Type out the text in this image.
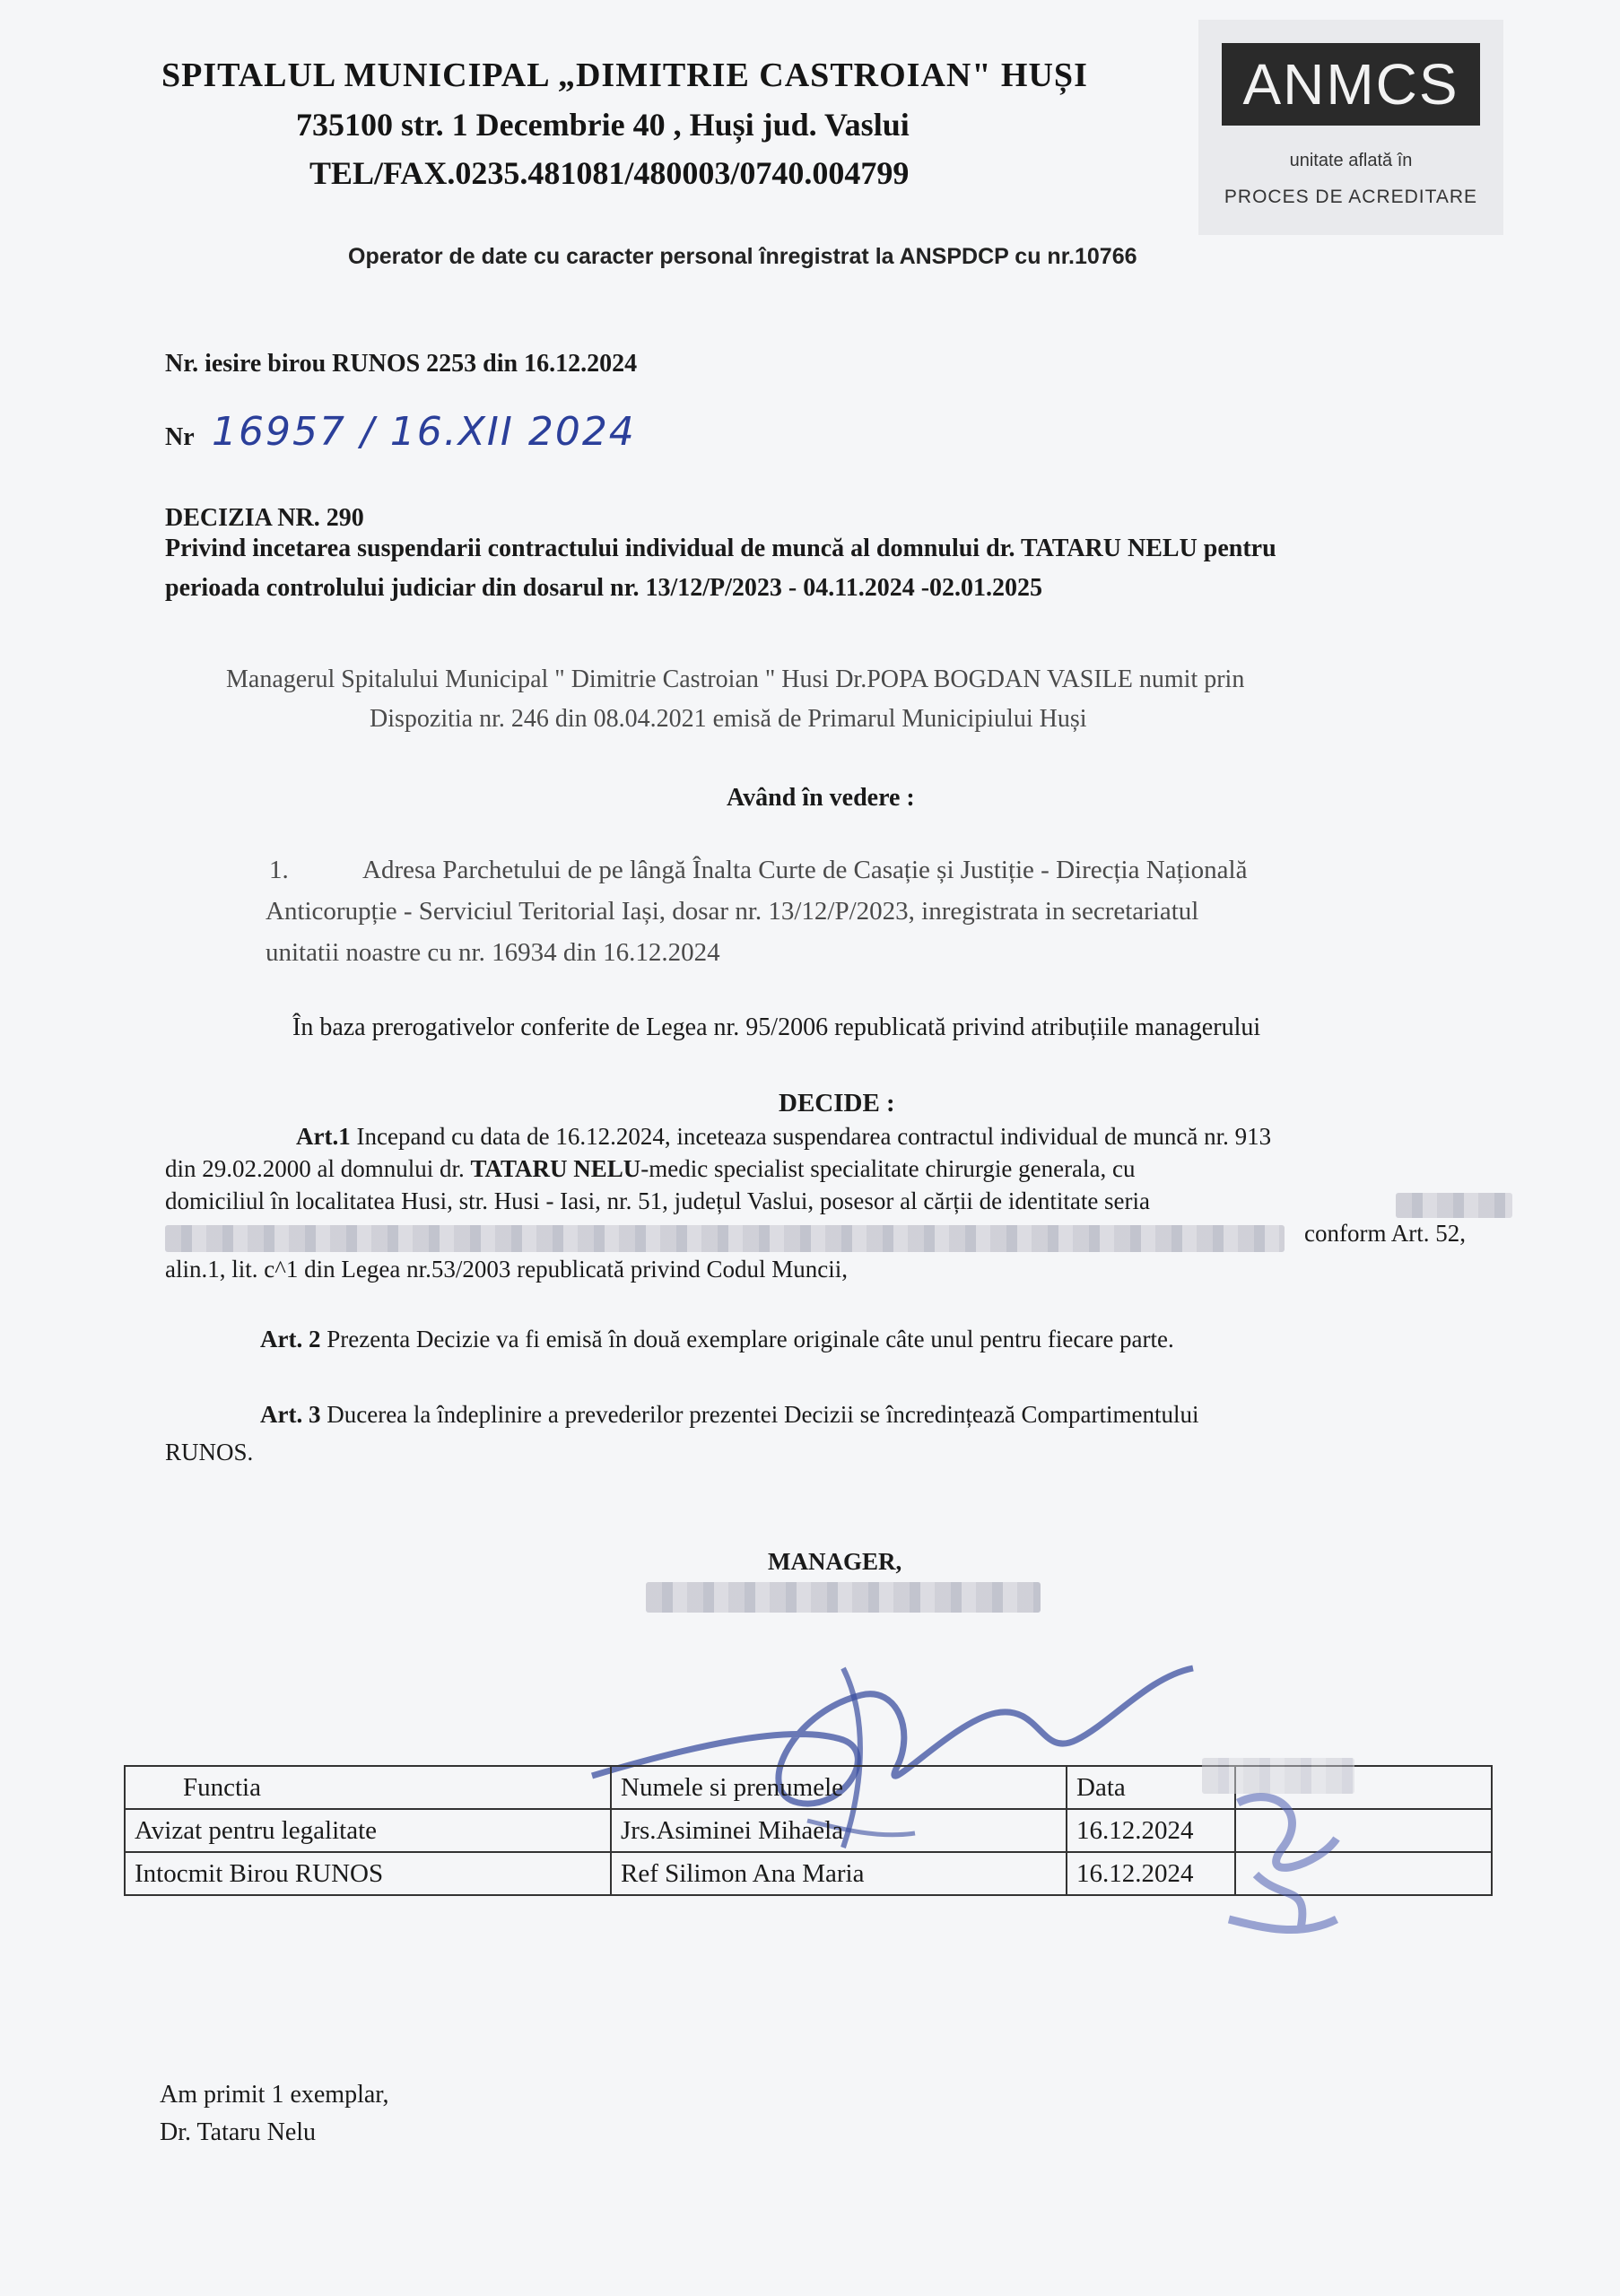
SPITALUL MUNICIPAL „DIMITRIE CASTROIAN" HUȘI
735100 str. 1 Decembrie 40 , Huși jud. Vaslui
TEL/FAX.0235.481081/480003/0740.004799
ANMCS
unitate aflată în
PROCES DE ACREDITARE
Operator de date cu caracter personal înregistrat la ANSPDCP cu nr.10766
Nr. iesire birou RUNOS 2253 din 16.12.2024
Nr 16957 / 16.XII 2024
DECIZIA NR. 290
Privind incetarea suspendarii contractului individual de muncă al domnului dr. TATARU NELU pentru
perioada controlului judiciar din dosarul nr. 13/12/P/2023 - 04.11.2024 -02.01.2025
Managerul Spitalului Municipal " Dimitrie Castroian " Husi Dr.POPA BOGDAN VASILE numit prin
Dispozitia nr. 246 din 08.04.2021 emisă de Primarul Municipiului Huși
Având în vedere :
1.	Adresa Parchetului de pe lângă Înalta Curte de Casație și Justiție - Direcția Națională
Anticorupție - Serviciul Teritorial Iași, dosar nr. 13/12/P/2023, inregistrata in secretariatul
unitatii noastre cu nr. 16934 din 16.12.2024
În baza prerogativelor conferite de Legea nr. 95/2006 republicată privind atribuțiile managerului
DECIDE :
Art.1 Incepand cu data de 16.12.2024, inceteaza suspendarea contractul individual de muncă nr. 913
din 29.02.2000 al domnului dr. TATARU NELU-medic specialist specialitate chirurgie generala, cu
domiciliul în localitatea Husi, str. Husi - Iasi, nr. 51, județul Vaslui, posesor al cărții de identitate seria
conform Art. 52,
alin.1, lit. c^1 din Legea nr.53/2003 republicată privind Codul Muncii,
Art. 2 Prezenta Decizie va fi emisă în două exemplare originale câte unul pentru fiecare parte.
Art. 3 Ducerea la îndeplinire a prevederilor prezentei Decizii se încredințează Compartimentului
RUNOS.
MANAGER,
Functia	Numele si prenumele	Data	
Avizat pentru legalitate	Jrs.Asiminei Mihaela	16.12.2024	
Intocmit Birou RUNOS	Ref Silimon Ana Maria	16.12.2024	
Am primit 1 exemplar,
Dr. Tataru Nelu
